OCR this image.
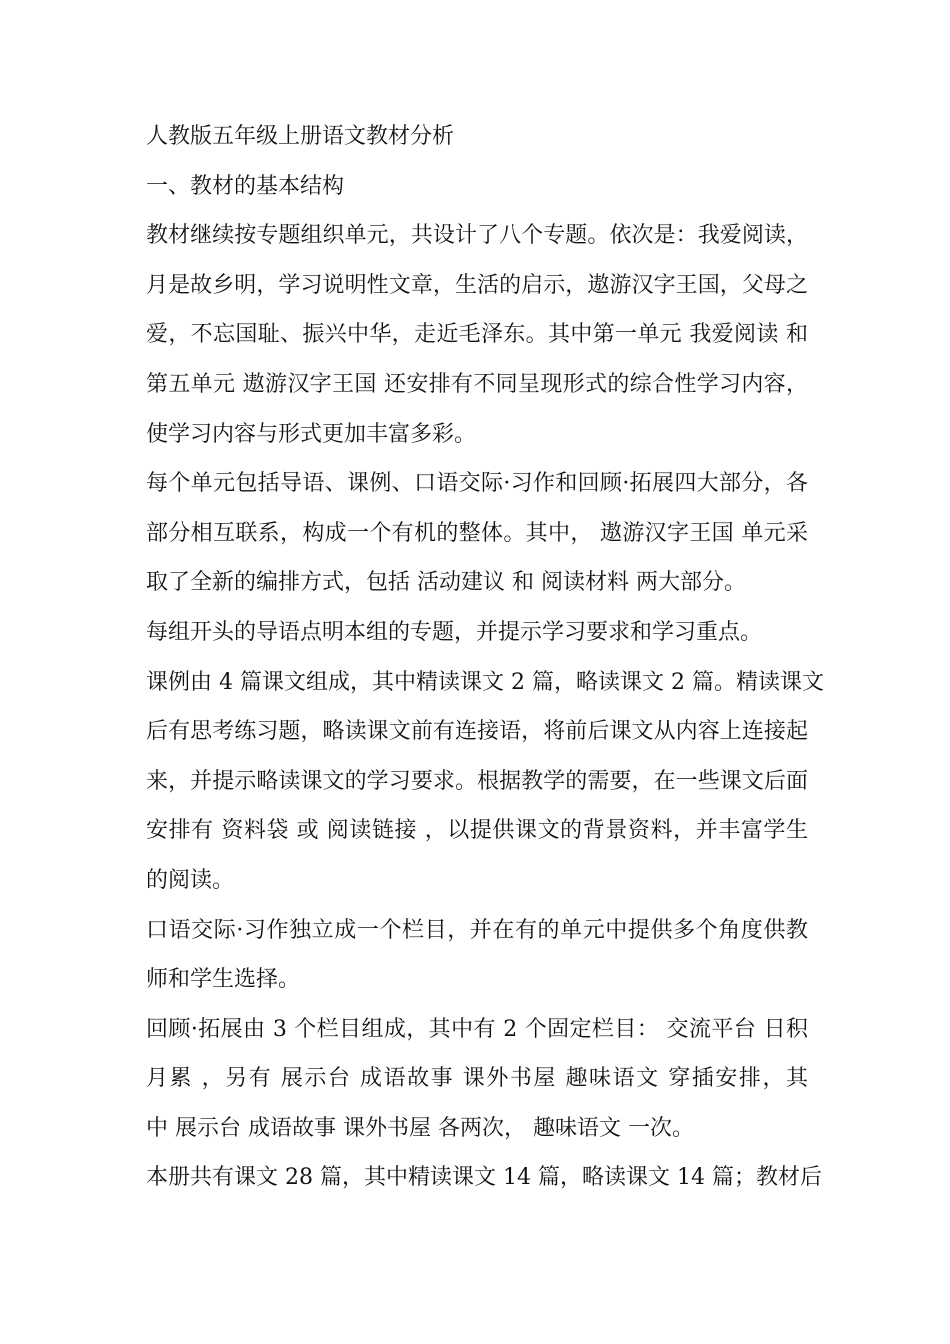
人教版五年级上册语文教材分析
一、教材的基本结构
教材继续按专题组织单元，共设计了八个专题。依次是：我爱阅读，
月是故乡明，学习说明性文章，生活的启示，遨游汉字王国，父母之
爱，不忘国耻、振兴中华，走近毛泽东。其中第一单元 我爱阅读 和
第五单元 遨游汉字王国 还安排有不同呈现形式的综合性学习内容，
使学习内容与形式更加丰富多彩。
每个单元包括导语、课例、口语交际·习作和回顾·拓展四大部分，各
部分相互联系，构成一个有机的整体。其中， 遨游汉字王国 单元采
取了全新的编排方式，包括 活动建议 和 阅读材料 两大部分。
每组开头的导语点明本组的专题，并提示学习要求和学习重点。
课例由 4 篇课文组成，其中精读课文 2 篇，略读课文 2 篇。精读课文
后有思考练习题，略读课文前有连接语，将前后课文从内容上连接起
来，并提示略读课文的学习要求。根据教学的需要，在一些课文后面
安排有 资料袋 或 阅读链接 ，以提供课文的背景资料，并丰富学生
的阅读。
口语交际·习作独立成一个栏目，并在有的单元中提供多个角度供教
师和学生选择。
回顾·拓展由 3 个栏目组成，其中有 2 个固定栏目： 交流平台 日积
月累 ，另有 展示台 成语故事 课外书屋 趣味语文 穿插安排，其
中 展示台 成语故事 课外书屋 各两次， 趣味语文 一次。
本册共有课文 28 篇，其中精读课文 14 篇，略读课文 14 篇；教材后
